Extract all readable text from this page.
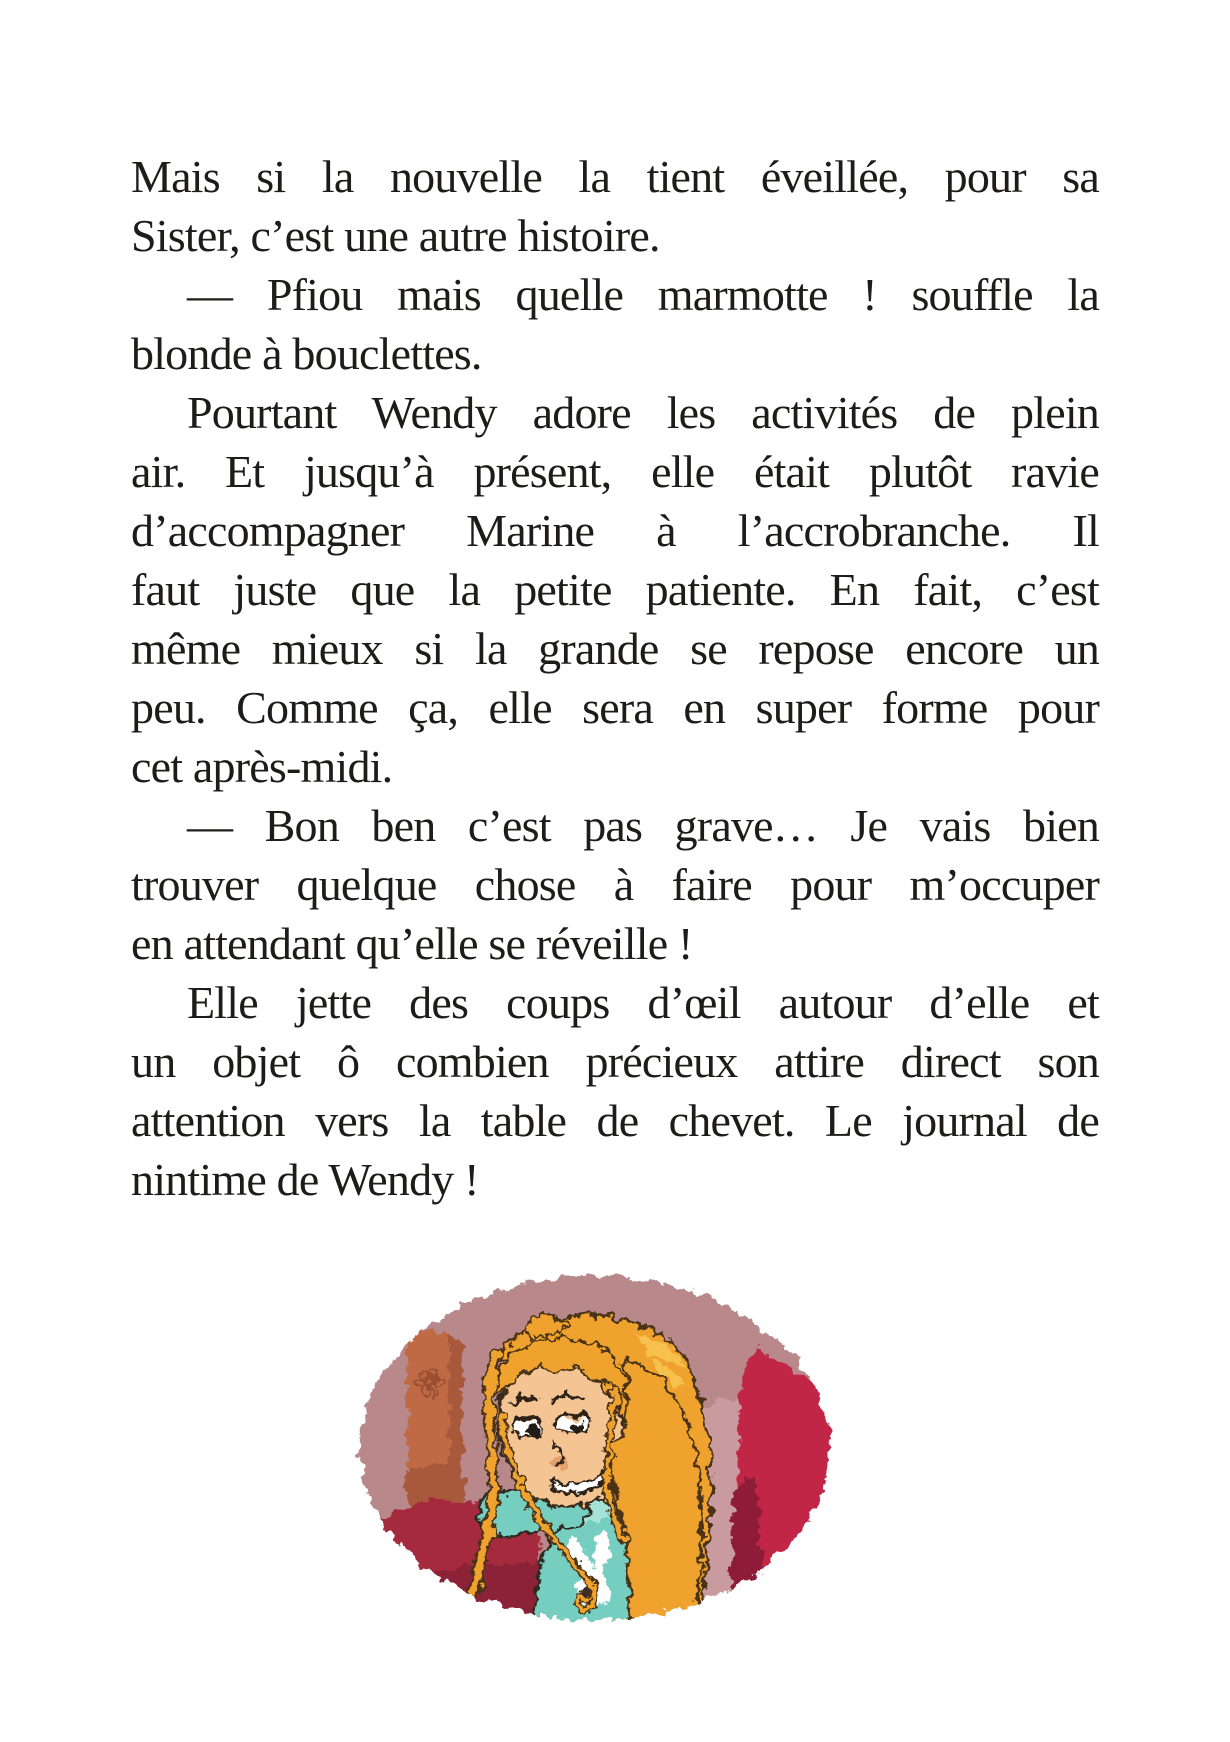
Mais si la nouvelle la tient éveillée, pour sa
Sister, c’est une autre histoire.
— Pfiou mais quelle marmotte ! souffle la
blonde à bouclettes.
Pourtant Wendy adore les activités de plein
air. Et jusqu’à présent, elle était plutôt ravie
d’accompagner Marine à l’accrobranche. Il
faut juste que la petite patiente. En fait, c’est
même mieux si la grande se repose encore un
peu. Comme ça, elle sera en super forme pour
cet après-midi.
— Bon ben c’est pas grave… Je vais bien
trouver quelque chose à faire pour m’occuper
en attendant qu’elle se réveille !
Elle jette des coups d’œil autour d’elle et
un objet ô combien précieux attire direct son
attention vers la table de chevet. Le journal de
nintime de Wendy !
